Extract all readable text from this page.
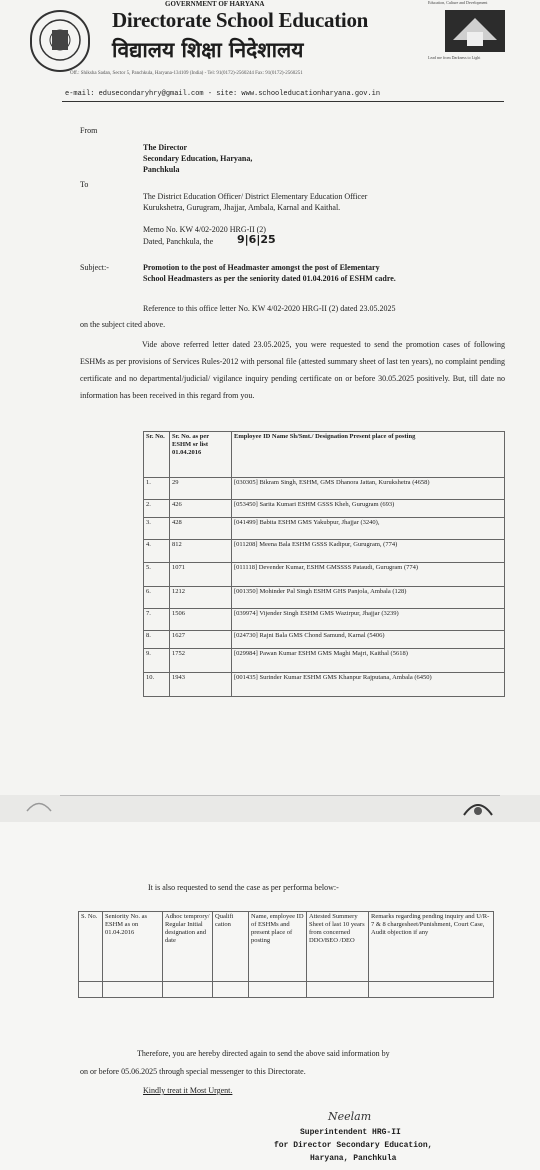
GOVERNMENT OF HARYANA
Directorate School Education
विद्यालय शिक्षा निदेशालय
Education, Culture and Development
Lead me from Darkness to Light
Off.: Shiksha Sadan, Sector 5, Panchkula, Haryana-134109 (India) - Tel: 91(0172)-2560244 Fax: 91(0172)-2560251
e-mail: edusecondaryhry@gmail.com - site: www.schooleducationharyana.gov.in
From
The Director
Secondary Education, Haryana,
Panchkula
To
The District Education Officer/ District Elementary Education Officer
Kurukshetra, Gurugram, Jhajjar, Ambala, Karnal and Kaithal.
Memo No. KW 4/02-2020 HRG-II (2)
Dated, Panchkula, the 9|6|25
Subject:-	Promotion to the post of Headmaster amongst the post of Elementary
School Headmasters as per the seniority dated 01.04.2016 of ESHM cadre.
Reference to this office letter No. KW 4/02-2020 HRG-II (2) dated 23.05.2025
on the subject cited above.
Vide above referred letter dated 23.05.2025, you were requested to send the promotion cases of following ESHMs as per provisions of Services Rules-2012 with personal file (attested summary sheet of last ten years), no complaint pending certificate and no departmental/judicial/ vigilance inquiry pending certificate on or before 30.05.2025 positively. But, till date no information has been received in this regard from you.
Sr. No.	Sr. No. as per ESHM sr list 01.04.2016	Employee ID Name Sh/Smt./ Designation Present place of posting
1.	29	[030305] Bikram Singh, ESHM, GMS Dhanora Jattan, Kurukshetra (4658)
2.	426	[053450] Sarita Kumari ESHM GSSS Kheh, Gurugram (693)
3.	428	[041499] Babita ESHM GMS Yakubpur, Jhajjar (3240),
4.	812	[011208] Meena Bala ESHM GSSS Kadipur, Gurugram, (774)
5.	1071	[011118] Devender Kumar, ESHM GMSSSS Pataudi, Gurugram (774)
6.	1212	[001350] Mohinder Pal Singh ESHM GHS Panjola, Ambala (128)
7.	1506	[039974] Vijender Singh ESHM GMS Wazirpur, Jhajjar (3239)
8.	1627	[024730] Rajni Bala GMS Chond Samund, Karnal (5406)
9.	1752	[029984] Pawan Kumar ESHM GMS Maghi Majri, Kaithal (5618)
10.	1943	[001435] Surinder Kumar ESHM GMS Khanpur Rajputana, Ambala (6450)
It is also requested to send the case as per performa below:-
S. No.	Seniority No. as ESHM as on 01.04.2016	Adhoc temprory/ Regular Initial designation and date	Qualifi cation	Name, employee ID of ESHMs and present place of posting	Attested Summery Sheet of last 10 years from concerned DDO/BEO /DEO	Remarks regarding pending inquiry and U/R-7 & 8 chargesheet/Punishment, Court Case, Audit objection if any

Therefore, you are hereby directed again to send the above said information by
on or before 05.06.2025 through special messenger to this Directorate.
Kindly treat it Most Urgent.
Neelam
Superintendent HRG-II
for Director Secondary Education,
Haryana, Panchkula
